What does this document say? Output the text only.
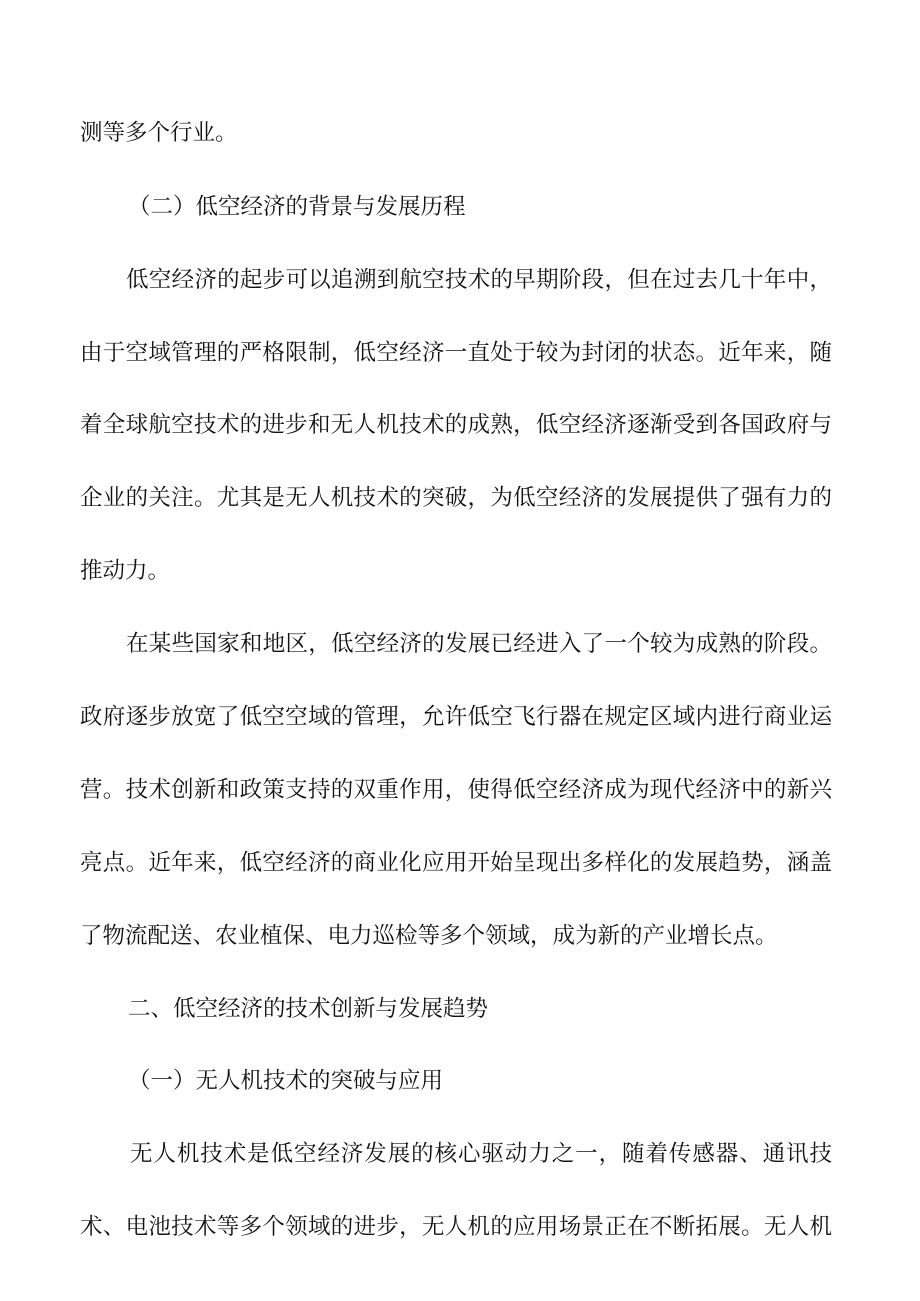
测等多个行业。
（二）低空经济的背景与发展历程
低空经济的起步可以追溯到航空技术的早期阶段，但在过去几十年中，
由于空域管理的严格限制，低空经济一直处于较为封闭的状态。近年来，随
着全球航空技术的进步和无人机技术的成熟，低空经济逐渐受到各国政府与
企业的关注。尤其是无人机技术的突破，为低空经济的发展提供了强有力的
推动力。
在某些国家和地区，低空经济的发展已经进入了一个较为成熟的阶段。
政府逐步放宽了低空空域的管理，允许低空飞行器在规定区域内进行商业运
营。技术创新和政策支持的双重作用，使得低空经济成为现代经济中的新兴
亮点。近年来，低空经济的商业化应用开始呈现出多样化的发展趋势，涵盖
了物流配送、农业植保、电力巡检等多个领域，成为新的产业增长点。
二、低空经济的技术创新与发展趋势
（一）无人机技术的突破与应用
无人机技术是低空经济发展的核心驱动力之一，随着传感器、通讯技
术、电池技术等多个领域的进步，无人机的应用场景正在不断拓展。无人机
